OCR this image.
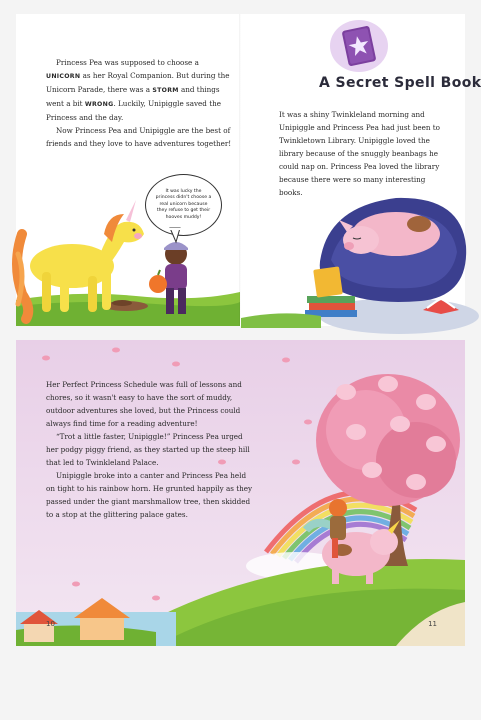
Princess Pea was supposed to choose a UNICORN as her Royal Companion. But during the Unicorn Parade, there was a STORM and things went a bit WRONG. Luckily, Unipiggle saved the Princess and the day.

Now Princess Pea and Unipiggle are the best of friends and they love to have adventures together!

It was lucky the princess didn't choose a real unicorn because they refuse to get their hooves muddy!
A Secret Spell Book

It was a shiny Twinkleland morning and Unipiggle and Princess Pea had just been to Twinkletown Library. Unipiggle loved the library because of the snuggly beanbags he could nap on. Princess Pea loved the library because there were so many interesting books.

Her Perfect Princess Schedule was full of lessons and chores, so it wasn't easy to have the sort of muddy, outdoor adventures she loved, but the Princess could always find time for a reading adventure!

“Trot a little faster, Unipiggle!” Princess Pea urged her podgy piggy friend, as they started up the steep hill that led to Twinkleland Palace.

Unipiggle broke into a canter and Princess Pea held on tight to his rainbow horn. He grunted happily as they passed under the giant marshmallow tree, then skidded to a stop at the glittering palace gates.

10	11
